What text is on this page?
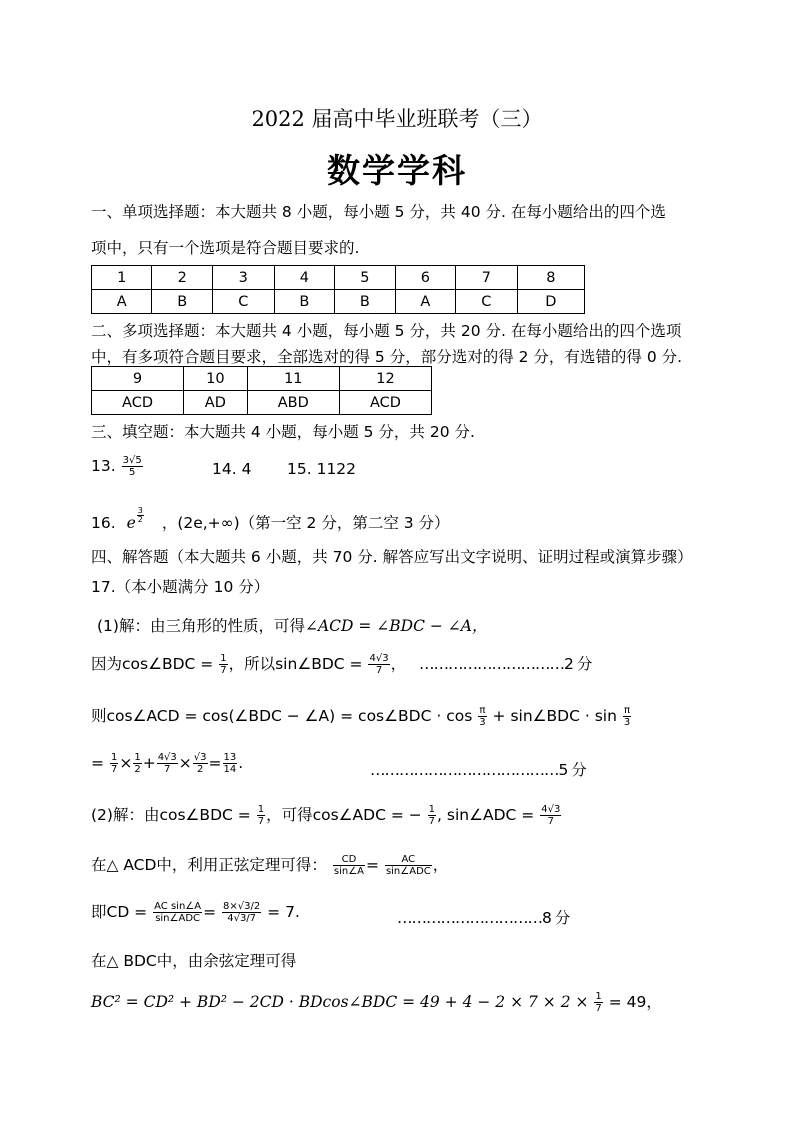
2022 届高中毕业班联考（三）
数学学科
一、单项选择题：本大题共 8 小题，每小题 5 分，共 40 分. 在每小题给出的四个选
项中，只有一个选项是符合题目要求的.
1	2	3	4	5	6	7	8
A	B	C	B	B	A	C	D
二、多项选择题：本大题共 4 小题，每小题 5 分，共 20 分. 在每小题给出的四个选项
中，有多项符合题目要求，全部选对的得 5 分，部分选对的得 2 分，有选错的得 0 分.
9	10	11	12
ACD	AD	ABD	ACD
三、填空题：本大题共 4 小题，每小题 5 分，共 20 分.
13. $\frac{3√5}{5}$	14. 4 15. 1122
16. e $\frac{3}{2}$ ，(2e,+∞)（第一空 2 分，第二空 3 分）
四、解答题（本大题共 6 小题，共 70 分. 解答应写出文字说明、证明过程或演算步骤）
17.（本小题满分 10 分）
(1)解：由三角形的性质，可得∠ACD = ∠BDC − ∠A，
因为cos∠BDC = $\frac{1}{7}$ ，所以sin∠BDC = $\frac{4√3}{7}$ ， …………………………2 分
则cos∠ACD = cos(∠BDC − ∠A) = cos∠BDC · $\cos \frac{\pi}{3}$ + sin∠BDC · $\sin \frac{\pi}{3}$
= $\frac{1}{7} \times \frac{1}{2} + \frac{4√3}{7} \times \frac{√3}{2} = \frac{13}{14}$ .	…………………………………5 分
(2)解：由cos∠BDC = $\frac{1}{7}$ ，可得cos∠ADC = − $\frac{1}{7}$ , sin∠ADC = $\frac{4√3}{7}$
在△ ACD中，利用正弦定理可得： $\frac{CD}{\sin\angle A} = \frac{AC}{\text{sin∠ADC}}$ ，
即CD = $\frac{\text{AC sin∠A}}{\text{sin∠ADC}} = \frac{8\times√3/2}{4√3/7} = 7$.	…………………………8 分
在△ BDC中，由余弦定理可得
BC² = CD² + BD² − 2CD · BDcos∠BDC = $49 + 4 - 2 \times 7 \times 2 \times \frac{1}{7} = 49$，
